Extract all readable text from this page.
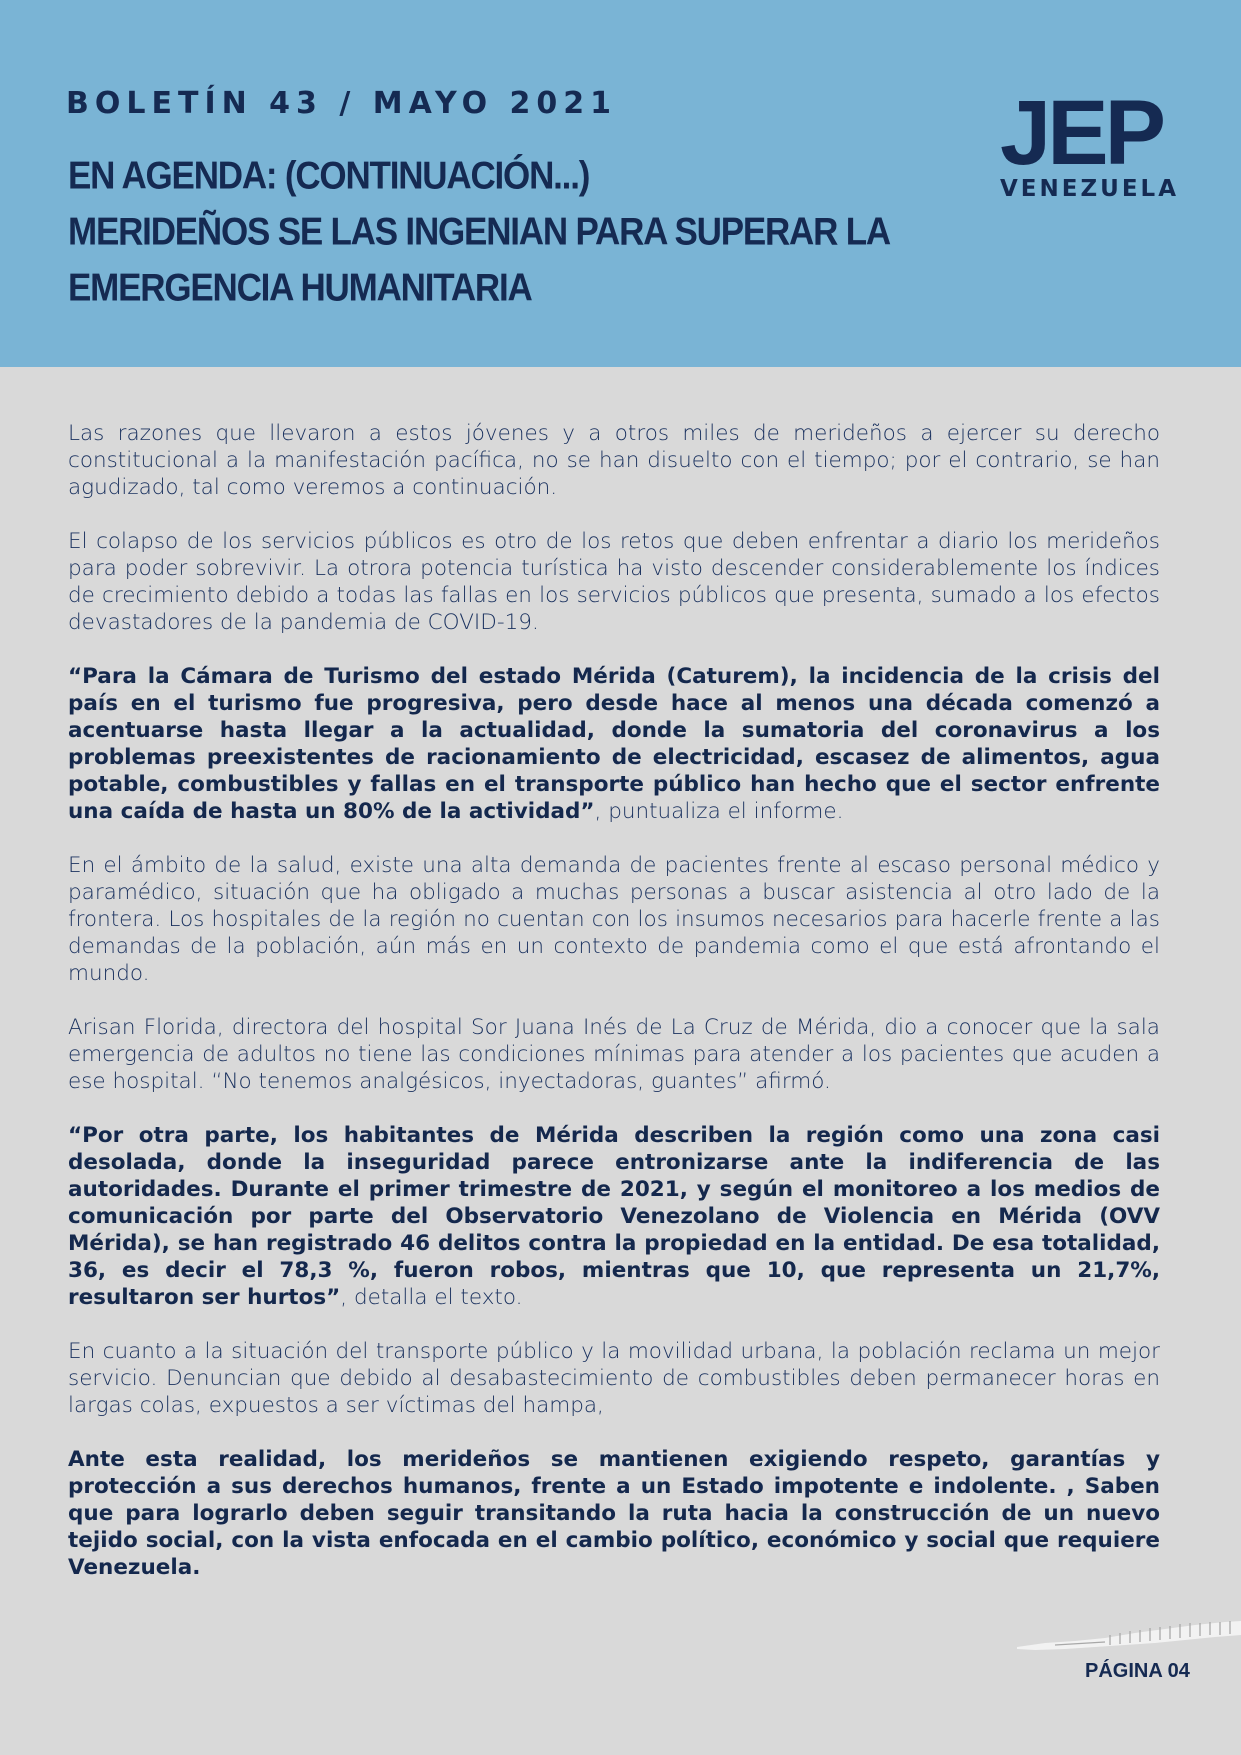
BOLETÍN 43 / MAYO 2021
EN AGENDA: (CONTINUACIÓN...)
MERIDEÑOS SE LAS INGENIAN PARA SUPERAR LA
EMERGENCIA HUMANITARIA
JEP
VENEZUELA

Las razones que llevaron a estos jóvenes y a otros miles de merideños a ejercer su derecho constitucional a la manifestación pacífica, no se han disuelto con el tiempo; por el contrario, se han agudizado, tal como veremos a continuación.

El colapso de los servicios públicos es otro de los retos que deben enfrentar a diario los merideños para poder sobrevivir. La otrora potencia turística ha visto descender considerablemente los índices de crecimiento debido a todas las fallas en los servicios públicos que presenta, sumado a los efectos devastadores de la pandemia de COVID-19.

“Para la Cámara de Turismo del estado Mérida (Caturem), la incidencia de la crisis del país en el turismo fue progresiva, pero desde hace al menos una década comenzó a acentuarse hasta llegar a la actualidad, donde la sumatoria del coronavirus a los problemas preexistentes de racionamiento de electricidad, escasez de alimentos, agua potable, combustibles y fallas en el transporte público han hecho que el sector enfrente una caída de hasta un 80% de la actividad”, puntualiza el informe.

En el ámbito de la salud, existe una alta demanda de pacientes frente al escaso personal médico y paramédico, situación que ha obligado a muchas personas a buscar asistencia al otro lado de la frontera. Los hospitales de la región no cuentan con los insumos necesarios para hacerle frente a las demandas de la población, aún más en un contexto de pandemia como el que está afrontando el mundo.

Arisan Florida, directora del hospital Sor Juana Inés de La Cruz de Mérida, dio a conocer que la sala emergencia de adultos no tiene las condiciones mínimas para atender a los pacientes que acuden a ese hospital. “No tenemos analgésicos, inyectadoras, guantes” afirmó.

“Por otra parte, los habitantes de Mérida describen la región como una zona casi desolada, donde la inseguridad parece entronizarse ante la indiferencia de las autoridades. Durante el primer trimestre de 2021, y según el monitoreo a los medios de comunicación por parte del Observatorio Venezolano de Violencia en Mérida (OVV Mérida), se han registrado 46 delitos contra la propiedad en la entidad. De esa totalidad, 36, es decir el 78,3 %, fueron robos, mientras que 10, que representa un 21,7%, resultaron ser hurtos”, detalla el texto.

En cuanto a la situación del transporte público y la movilidad urbana, la población reclama un mejor servicio. Denuncian que debido al desabastecimiento de combustibles deben permanecer horas en largas colas, expuestos a ser víctimas del hampa,

Ante esta realidad, los merideños se mantienen exigiendo respeto, garantías y protección a sus derechos humanos, frente a un Estado impotente e indolente. , Saben que para lograrlo deben seguir transitando la ruta hacia la construcción de un nuevo tejido social, con la vista enfocada en el cambio político, económico y social que requiere Venezuela.

PÁGINA 04
